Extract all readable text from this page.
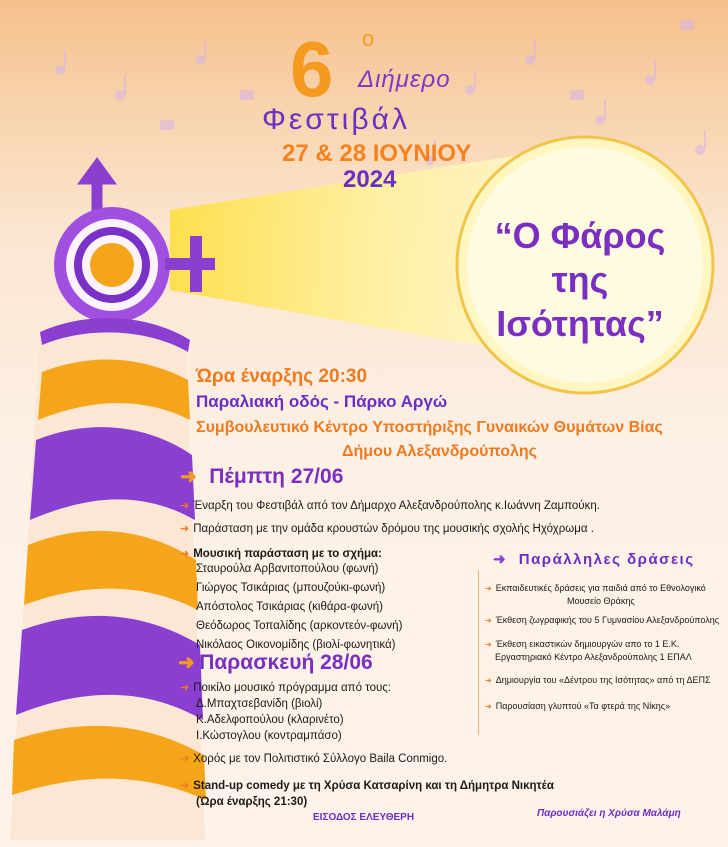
6 ο
Διήμερο
Φεστιβάλ
27 & 28 ΙΟΥΝΙΟΥ
2024
“Ο Φάρος
της
Ισότητας”
Ώρα έναρξης 20:30
Παραλιακή οδός - Πάρκο Αργώ
Συμβουλευτικό Κέντρο Υποστήριξης Γυναικών Θυμάτων Βίας
Δήμου Αλεξανδρούπολης
➜ Πέμπτη 27/06
➜ Έναρξη του Φεστιβάλ από τον Δήμαρχο Αλεξανδρούπολης κ.Ιωάννη Ζαμπούκη.
➜ Παράσταση με την ομάδα κρουστών δρόμου της μουσικής σχολής Ηχόχρωμα .
➜ Μουσική παράσταση με το σχήμα:
Σταυρούλα Αρβανιτοπούλου (φωνή)
Γιώργος Τσικάριας (μπουζούκι-φωνή)
Απόστολος Τσικάριας (κιθάρα-φωνή)
Θεόδωρος Τοπαλίδης (αρκοντεόν-φωνή)
Νικόλαος Οικονομίδης (βιολί-φωνητικά)
➜ Παρασκευή 28/06
➜ Ποικίλο μουσικό πρόγραμμα από τους:
Δ.Μπαχτσεβανίδη (βιολί)
Κ.Αδελφοπούλου (κλαρινέτο)
Ι.Κώστογλου (κοντραμπάσο)
➜ Χορός με τον Πολιτιστικό Σύλλογο Baila Conmigo.
➜ Stand-up comedy με τη Χρύσα Κατσαρίνη και τη Δήμητρα Νικητέα
(Ώρα έναρξης 21:30)
➜ Παράλληλες δράσεις
➜ Εκπαιδευτικές δράσεις για παιδιά από το Εθνολογικό
Μουσείο Θράκης
➜ Έκθεση ζωγραφικής του 5 Γυμνασίου Αλεξανδρούπολης
➜ Έκθεση εικαστικών δημιουργών απο το 1 Ε.Κ.
Εργαστηριακό Κέντρο Αλεξανδρούπολης 1 ΕΠΑΛ
➜ Δημιουργία του «Δέντρου της Ισότητας» από τη ΔΕΠΣ
➜ Παρουσίαση γλυπτού «Τα φτερά της Νίκης»
ΕΙΣΟΔΟΣ ΕΛΕΥΘΕΡΗ	Παρουσιάζει η Χρύσα Μαλάμη
